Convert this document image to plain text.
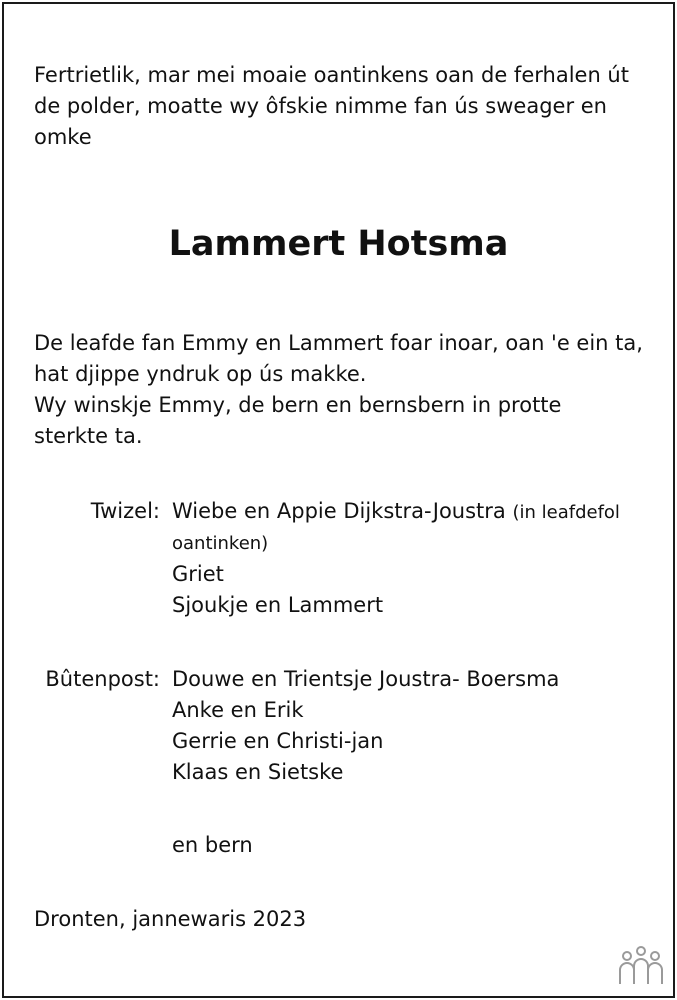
Fertrietlik, mar mei moaie oantinkens oan de ferhalen út
de polder, moatte wy ôfskie nimme fan ús sweager en
omke
Lammert Hotsma
De leafde fan Emmy en Lammert foar inoar, oan 'e ein ta,
hat djippe yndruk op ús makke.
Wy winskje Emmy, de bern en bernsbern in protte
sterkte ta.
Twizel: Wiebe en Appie Dijkstra-Joustra (in leafdefol
oantinken)
Griet
Sjoukje en Lammert
Bûtenpost: Douwe en Trientsje Joustra- Boersma
Anke en Erik
Gerrie en Christi-jan
Klaas en Sietske
en bern
Dronten, jannewaris 2023
